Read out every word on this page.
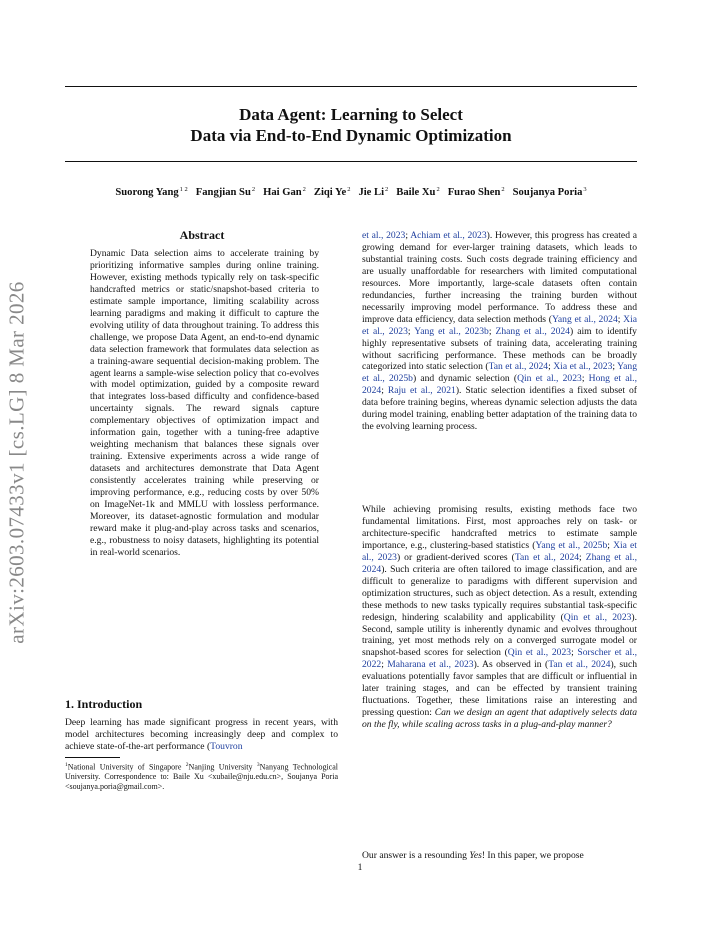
Data Agent: Learning to Select
Data via End-to-End Dynamic Optimization
Suorong Yang$^{1 2}$ Fangjian Su$^2$ Hai Gan$^2$ Ziqi Ye$^2$ Jie Li$^2$ Baile Xu$^2$ Furao Shen$^2$ Soujanya Poria$^3$
arXiv:2603.07433v1 [cs.LG] 8 Mar 2026
Abstract
Dynamic Data selection aims to accelerate training by prioritizing informative samples during online training. However, existing methods typically rely on task-specific handcrafted metrics or static/snapshot-based criteria to estimate sample importance, limiting scalability across learning paradigms and making it difficult to capture the evolving utility of data throughout training. To address this challenge, we propose Data Agent, an end-to-end dynamic data selection framework that formulates data selection as a training-aware sequential decision-making problem. The agent learns a sample-wise selection policy that co-evolves with model optimization, guided by a composite reward that integrates loss-based difficulty and confidence-based uncertainty signals. The reward signals capture complementary objectives of optimization impact and information gain, together with a tuning-free adaptive weighting mechanism that balances these signals over training. Extensive experiments across a wide range of datasets and architectures demonstrate that Data Agent consistently accelerates training while preserving or improving performance, e.g., reducing costs by over 50% on ImageNet-1k and MMLU with lossless performance. Moreover, its dataset-agnostic formulation and modular reward make it plug-and-play across tasks and scenarios, e.g., robustness to noisy datasets, highlighting its potential in real-world scenarios.
1. Introduction
Deep learning has made significant progress in recent years, with model architectures becoming increasingly deep and complex to achieve state-of-the-art performance (Touvron
$^1$National University of Singapore $^2$Nanjing University $^3$Nanyang Technological University. Correspondence to: Baile Xu <xubaile@nju.edu.cn>, Soujanya Poria <soujanya.poria@gmail.com>.
et al., 2023; Achiam et al., 2023). However, this progress has created a growing demand for ever-larger training datasets, which leads to substantial training costs. Such costs degrade training efficiency and are usually unaffordable for researchers with limited computational resources. More importantly, large-scale datasets often contain redundancies, further increasing the training burden without necessarily improving model performance. To address these and improve data efficiency, data selection methods (Yang et al., 2024; Xia et al., 2023; Yang et al., 2023b; Zhang et al., 2024) aim to identify highly representative subsets of training data, accelerating training without sacrificing performance. These methods can be broadly categorized into static selection (Tan et al., 2024; Xia et al., 2023; Yang et al., 2025b) and dynamic selection (Qin et al., 2023; Hong et al., 2024; Raju et al., 2021). Static selection identifies a fixed subset of data before training begins, whereas dynamic selection adjusts the data during model training, enabling better adaptation of the training data to the evolving learning process.
While achieving promising results, existing methods face two fundamental limitations. First, most approaches rely on task- or architecture-specific handcrafted metrics to estimate sample importance, e.g., clustering-based statistics (Yang et al., 2025b; Xia et al., 2023) or gradient-derived scores (Tan et al., 2024; Zhang et al., 2024). Such criteria are often tailored to image classification, and are difficult to generalize to paradigms with different supervision and optimization structures, such as object detection. As a result, extending these methods to new tasks typically requires substantial task-specific redesign, hindering scalability and applicability (Qin et al., 2023). Second, sample utility is inherently dynamic and evolves throughout training, yet most methods rely on a converged surrogate model or snapshot-based scores for selection (Qin et al., 2023; Sorscher et al., 2022; Maharana et al., 2023). As observed in (Tan et al., 2024), such evaluations potentially favor samples that are difficult or influential in later training stages, and can be effected by transient training fluctuations. Together, these limitations raise an interesting and pressing question: Can we design an agent that adaptively selects data on the fly, while scaling across tasks in a plug-and-play manner?
Our answer is a resounding Yes! In this paper, we propose
1
